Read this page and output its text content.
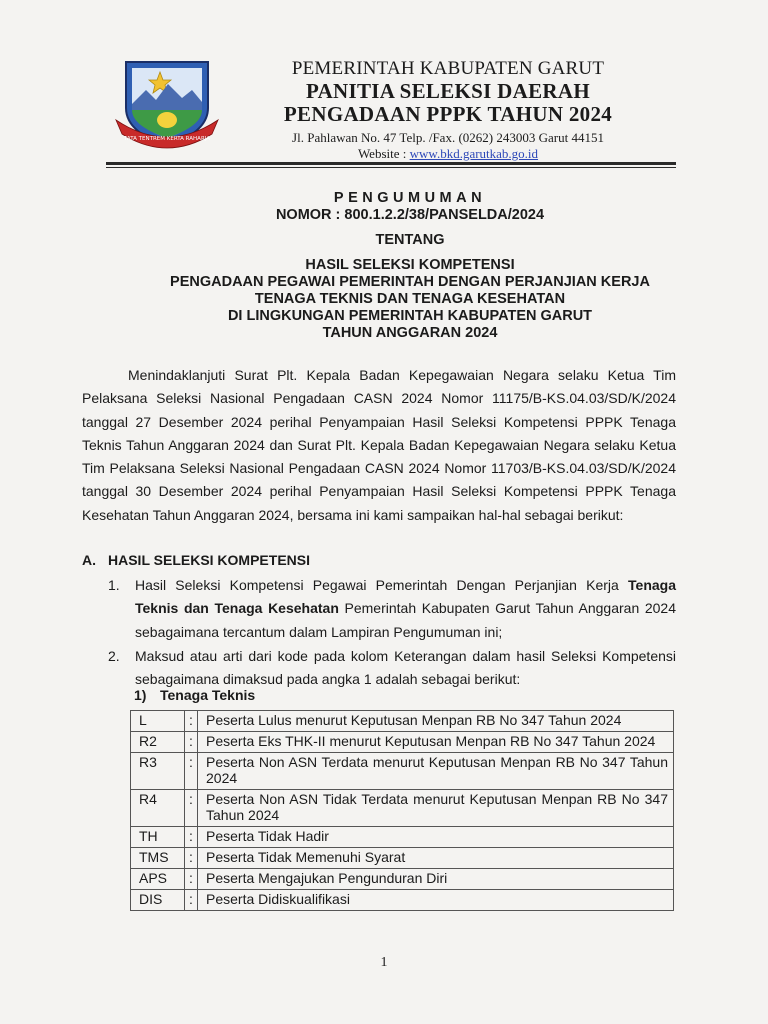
TATA TENTREM KERTA RAHARJA
PEMERINTAH KABUPATEN GARUT
PANITIA SELEKSI DAERAH
PENGADAAN PPPK TAHUN 2024
Jl. Pahlawan No. 47 Telp. /Fax. (0262) 243003 Garut 44151
Website : www.bkd.garutkab.go.id
PENGUMUMAN
NOMOR : 800.1.2.2/38/PANSELDA/2024
TENTANG
HASIL SELEKSI KOMPETENSI
PENGADAAN PEGAWAI PEMERINTAH DENGAN PERJANJIAN KERJA
TENAGA TEKNIS DAN TENAGA KESEHATAN
DI LINGKUNGAN PEMERINTAH KABUPATEN GARUT
TAHUN ANGGARAN 2024
Menindaklanjuti Surat Plt. Kepala Badan Kepegawaian Negara selaku Ketua Tim Pelaksana Seleksi Nasional Pengadaan CASN 2024 Nomor 11175/B-KS.04.03/SD/K/2024 tanggal 27 Desember 2024 perihal Penyampaian Hasil Seleksi Kompetensi PPPK Tenaga Teknis Tahun Anggaran 2024 dan Surat Plt. Kepala Badan Kepegawaian Negara selaku Ketua Tim Pelaksana Seleksi Nasional Pengadaan CASN 2024 Nomor 11703/B-KS.04.03/SD/K/2024 tanggal 30 Desember 2024 perihal Penyampaian Hasil Seleksi Kompetensi PPPK Tenaga Kesehatan Tahun Anggaran 2024, bersama ini kami sampaikan hal-hal sebagai berikut:
A. HASIL SELEKSI KOMPETENSI
1. Hasil Seleksi Kompetensi Pegawai Pemerintah Dengan Perjanjian Kerja Tenaga Teknis dan Tenaga Kesehatan Pemerintah Kabupaten Garut Tahun Anggaran 2024 sebagaimana tercantum dalam Lampiran Pengumuman ini;
2. Maksud atau arti dari kode pada kolom Keterangan dalam hasil Seleksi Kompetensi sebagaimana dimaksud pada angka 1 adalah sebagai berikut:
1) Tenaga Teknis
L	:	Peserta Lulus menurut Keputusan Menpan RB No 347 Tahun 2024
R2	:	Peserta Eks THK-II menurut Keputusan Menpan RB No 347 Tahun 2024
R3	:	Peserta Non ASN Terdata menurut Keputusan Menpan RB No 347 Tahun 2024
R4	:	Peserta Non ASN Tidak Terdata menurut Keputusan Menpan RB No 347 Tahun 2024
TH	:	Peserta Tidak Hadir
TMS	:	Peserta Tidak Memenuhi Syarat
APS	:	Peserta Mengajukan Pengunduran Diri
DIS	:	Peserta Didiskualifikasi
1
